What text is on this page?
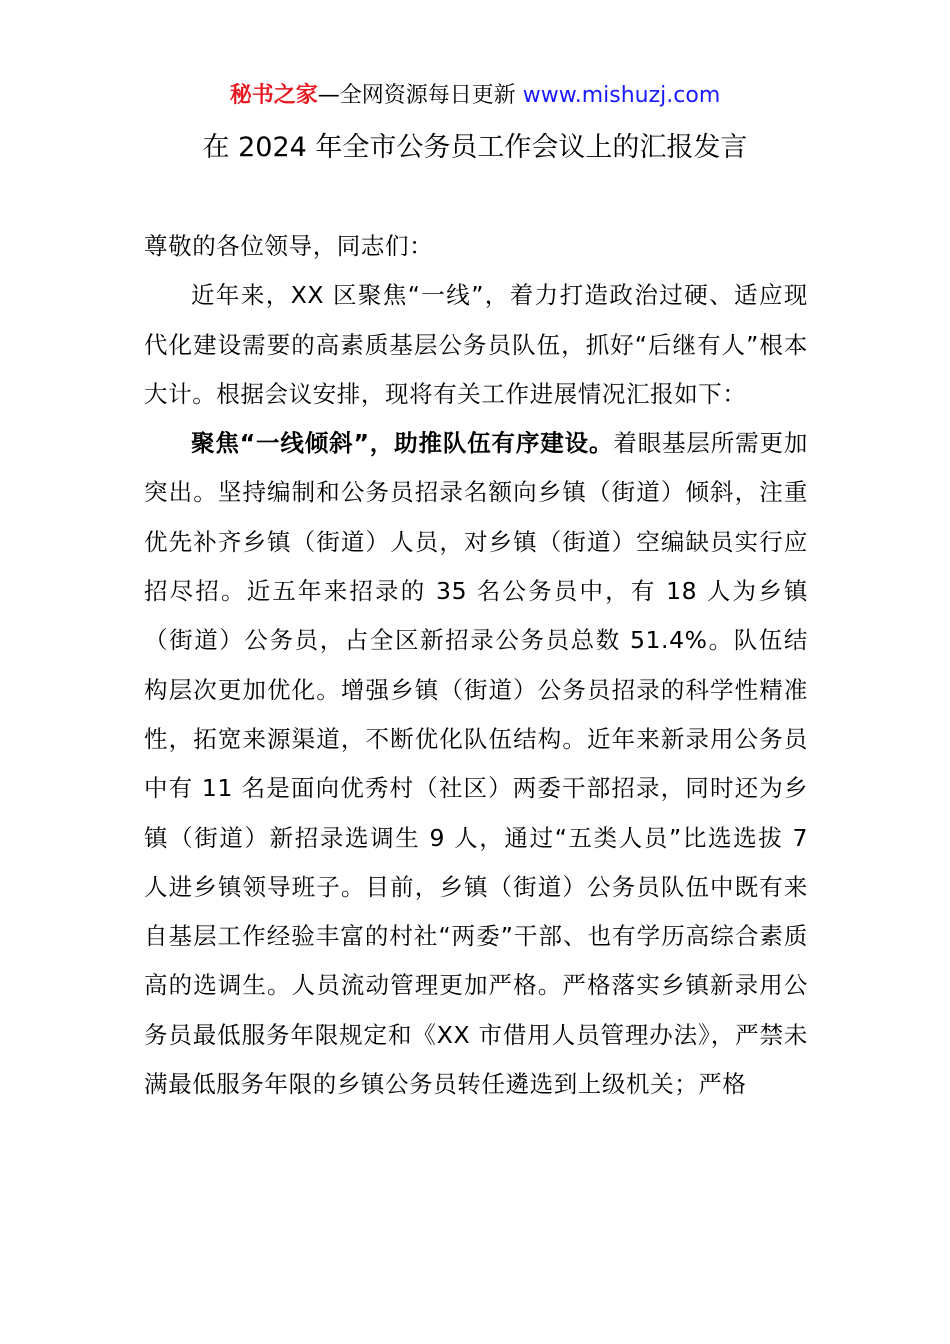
秘书之家—全网资源每日更新 www.mishuzj.com
在 2024 年全市公务员工作会议上的汇报发言

尊敬的各位领导，同志们：

近年来，XX 区聚焦“一线”，着力打造政治过硬、适应现代化建设需要的高素质基层公务员队伍，抓好“后继有人”根本大计。根据会议安排，现将有关工作进展情况汇报如下：

聚焦“一线倾斜”，助推队伍有序建设。着眼基层所需更加突出。坚持编制和公务员招录名额向乡镇（街道）倾斜，注重优先补齐乡镇（街道）人员，对乡镇（街道）空编缺员实行应招尽招。近五年来招录的 35 名公务员中，有 18 人为乡镇（街道）公务员，占全区新招录公务员总数 51.4%。队伍结构层次更加优化。增强乡镇（街道）公务员招录的科学性精准性，拓宽来源渠道，不断优化队伍结构。近年来新录用公务员中有 11 名是面向优秀村（社区）两委干部招录，同时还为乡镇（街道）新招录选调生 9 人，通过“五类人员”比选选拔 7 人进乡镇领导班子。目前，乡镇（街道）公务员队伍中既有来自基层工作经验丰富的村社“两委”干部、也有学历高综合素质高的选调生。人员流动管理更加严格。严格落实乡镇新录用公务员最低服务年限规定和《XX 市借用人员管理办法》，严禁未满最低服务年限的乡镇公务员转任遴选到上级机关；严格
